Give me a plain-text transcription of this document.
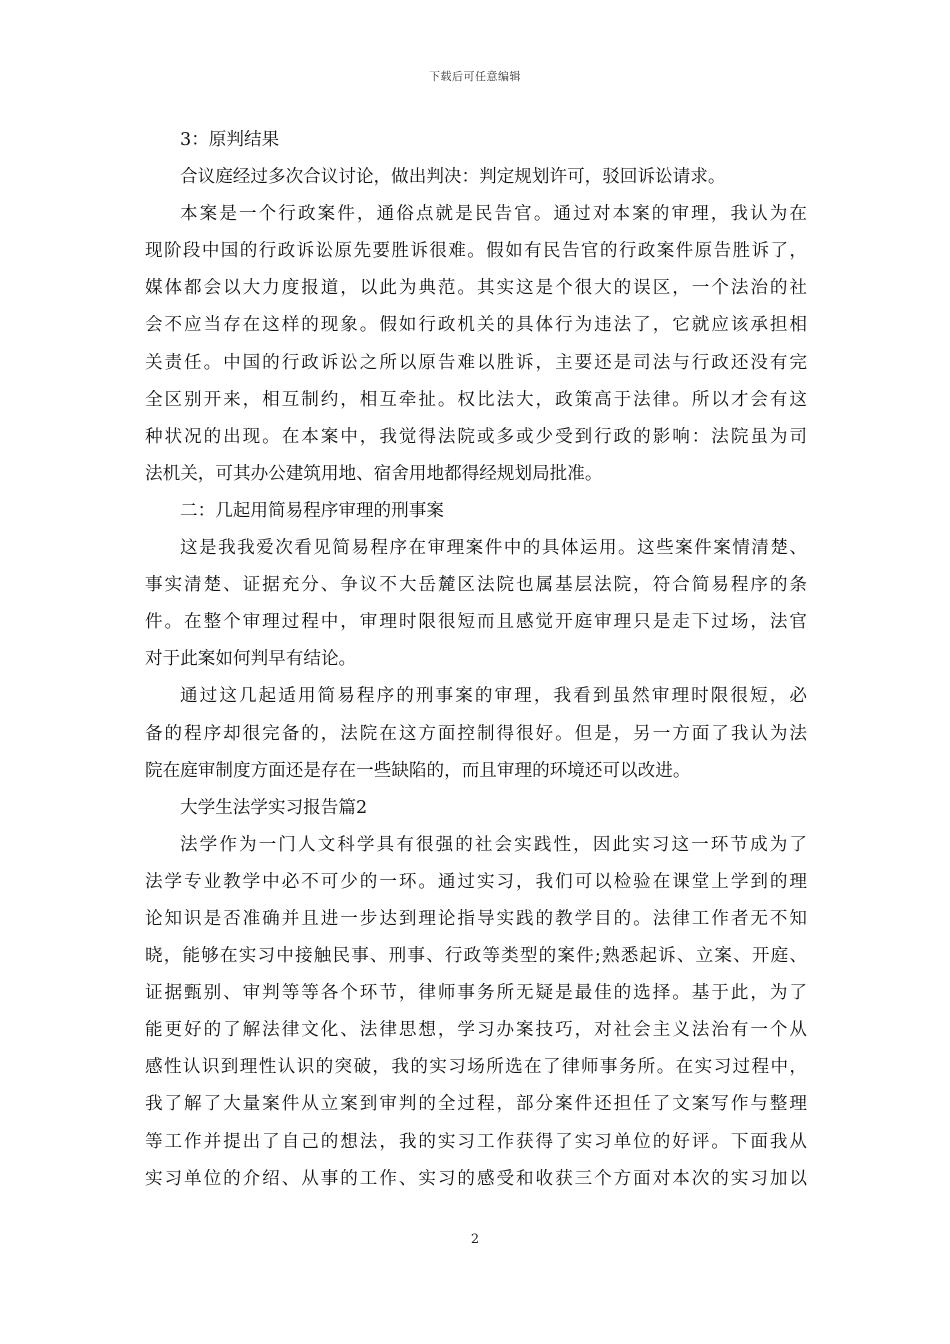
下载后可任意编辑
3：原判结果
合议庭经过多次合议讨论，做出判决：判定规划许可，驳回诉讼请求。
本案是一个行政案件，通俗点就是民告官。通过对本案的审理，我认为在
现阶段中国的行政诉讼原先要胜诉很难。假如有民告官的行政案件原告胜诉了，
媒体都会以大力度报道，以此为典范。其实这是个很大的误区，一个法治的社
会不应当存在这样的现象。假如行政机关的具体行为违法了，它就应该承担相
关责任。中国的行政诉讼之所以原告难以胜诉，主要还是司法与行政还没有完
全区别开来，相互制约，相互牵扯。权比法大，政策高于法律。所以才会有这
种状况的出现。在本案中，我觉得法院或多或少受到行政的影响：法院虽为司
法机关，可其办公建筑用地、宿舍用地都得经规划局批准。
二：几起用简易程序审理的刑事案
这是我我爱次看见简易程序在审理案件中的具体运用。这些案件案情清楚、
事实清楚、证据充分、争议不大岳麓区法院也属基层法院，符合简易程序的条
件。在整个审理过程中，审理时限很短而且感觉开庭审理只是走下过场，法官
对于此案如何判早有结论。
通过这几起适用简易程序的刑事案的审理，我看到虽然审理时限很短，必
备的程序却很完备的，法院在这方面控制得很好。但是，另一方面了我认为法
院在庭审制度方面还是存在一些缺陷的，而且审理的环境还可以改进。
大学生法学实习报告篇2
法学作为一门人文科学具有很强的社会实践性，因此实习这一环节成为了
法学专业教学中必不可少的一环。通过实习，我们可以检验在课堂上学到的理
论知识是否准确并且进一步达到理论指导实践的教学目的。法律工作者无不知
晓，能够在实习中接触民事、刑事、行政等类型的案件;熟悉起诉、立案、开庭、
证据甄别、审判等等各个环节，律师事务所无疑是最佳的选择。基于此，为了
能更好的了解法律文化、法律思想，学习办案技巧，对社会主义法治有一个从
感性认识到理性认识的突破，我的实习场所选在了律师事务所。在实习过程中，
我了解了大量案件从立案到审判的全过程，部分案件还担任了文案写作与整理
等工作并提出了自己的想法，我的实习工作获得了实习单位的好评。下面我从
实习单位的介绍、从事的工作、实习的感受和收获三个方面对本次的实习加以
2
